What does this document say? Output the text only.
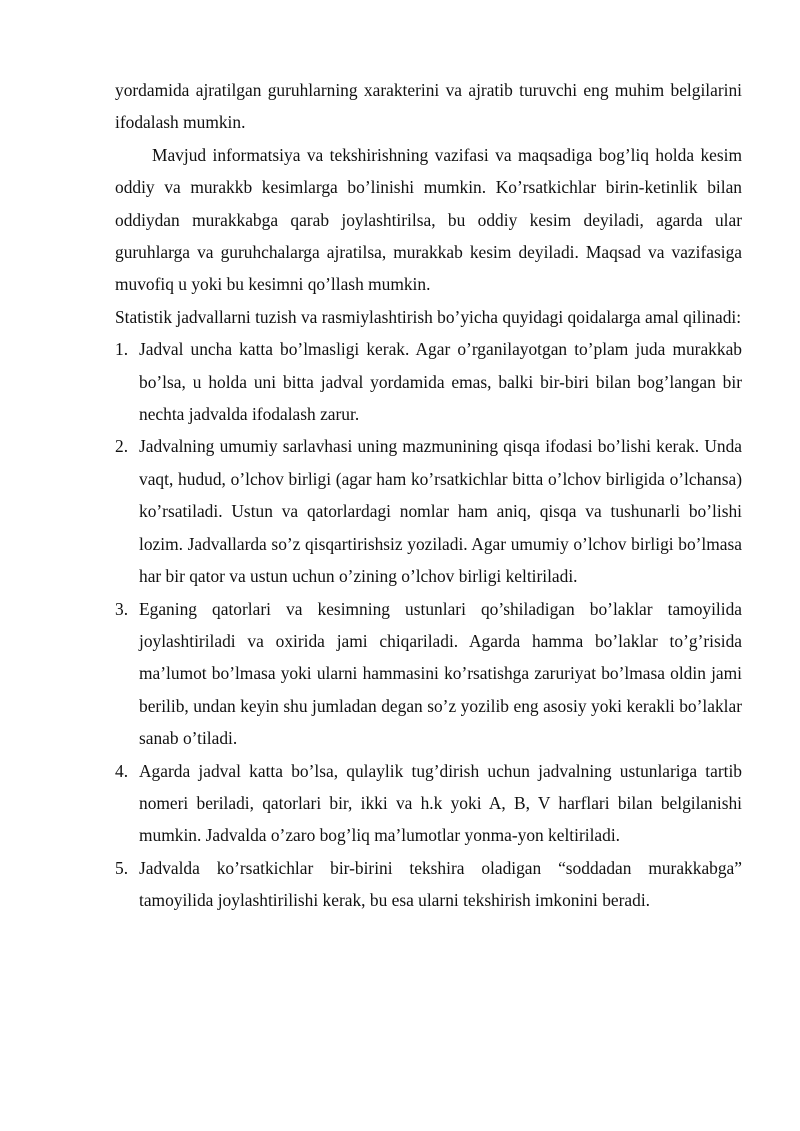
yordamida ajratilgan guruhlarning xarakterini va ajratib turuvchi eng muhim belgilarini ifodalash mumkin.

Mavjud informatsiya va tekshirishning vazifasi va maqsadiga bog’liq holda kesim oddiy va murakkb kesimlarga bo’linishi mumkin. Ko’rsatkichlar birin-ketinlik bilan oddiydan murakkabga qarab joylashtirilsa, bu oddiy kesim deyiladi, agarda ular guruhlarga va guruhchalarga ajratilsa, murakkab kesim deyiladi. Maqsad va vazifasiga muvofiq u yoki bu kesimni qo’llash mumkin.

Statistik jadvallarni tuzish va rasmiylashtirish bo’yicha quyidagi qoidalarga amal qilinadi:

1. Jadval uncha katta bo’lmasligi kerak. Agar o’rganilayotgan to’plam juda murakkab bo’lsa, u holda uni bitta jadval yordamida emas, balki bir-biri bilan bog’langan bir nechta jadvalda ifodalash zarur.
2. Jadvalning umumiy sarlavhasi uning mazmunining qisqa ifodasi bo’lishi kerak. Unda vaqt, hudud, o’lchov birligi (agar ham ko’rsatkichlar bitta o’lchov birligida o’lchansa) ko’rsatiladi. Ustun va qatorlardagi nomlar ham aniq, qisqa va tushunarli bo’lishi lozim. Jadvallarda so’z qisqartirishsiz yoziladi. Agar umumiy o’lchov birligi bo’lmasa har bir qator va ustun uchun o’zining o’lchov birligi keltiriladi.
3. Eganing qatorlari va kesimning ustunlari qo’shiladigan bo’laklar tamoyilida joylashtiriladi va oxirida jami chiqariladi. Agarda hamma bo’laklar to’g’risida ma’lumot bo’lmasa yoki ularni hammasini ko’rsatishga zaruriyat bo’lmasa oldin jami berilib, undan keyin shu jumladan degan so’z yozilib eng asosiy yoki kerakli bo’laklar sanab o’tiladi.
4. Agarda jadval katta bo’lsa, qulaylik tug’dirish uchun jadvalning ustunlariga tartib nomeri beriladi, qatorlari bir, ikki va h.k yoki A, B, V harflari bilan belgilanishi mumkin. Jadvalda o’zaro bog’liq ma’lumotlar yonma-yon keltiriladi.
5. Jadvalda ko’rsatkichlar bir-birini tekshira oladigan “soddadan murakkabga” tamoyilida joylashtirilishi kerak, bu esa ularni tekshirish imkonini beradi.
